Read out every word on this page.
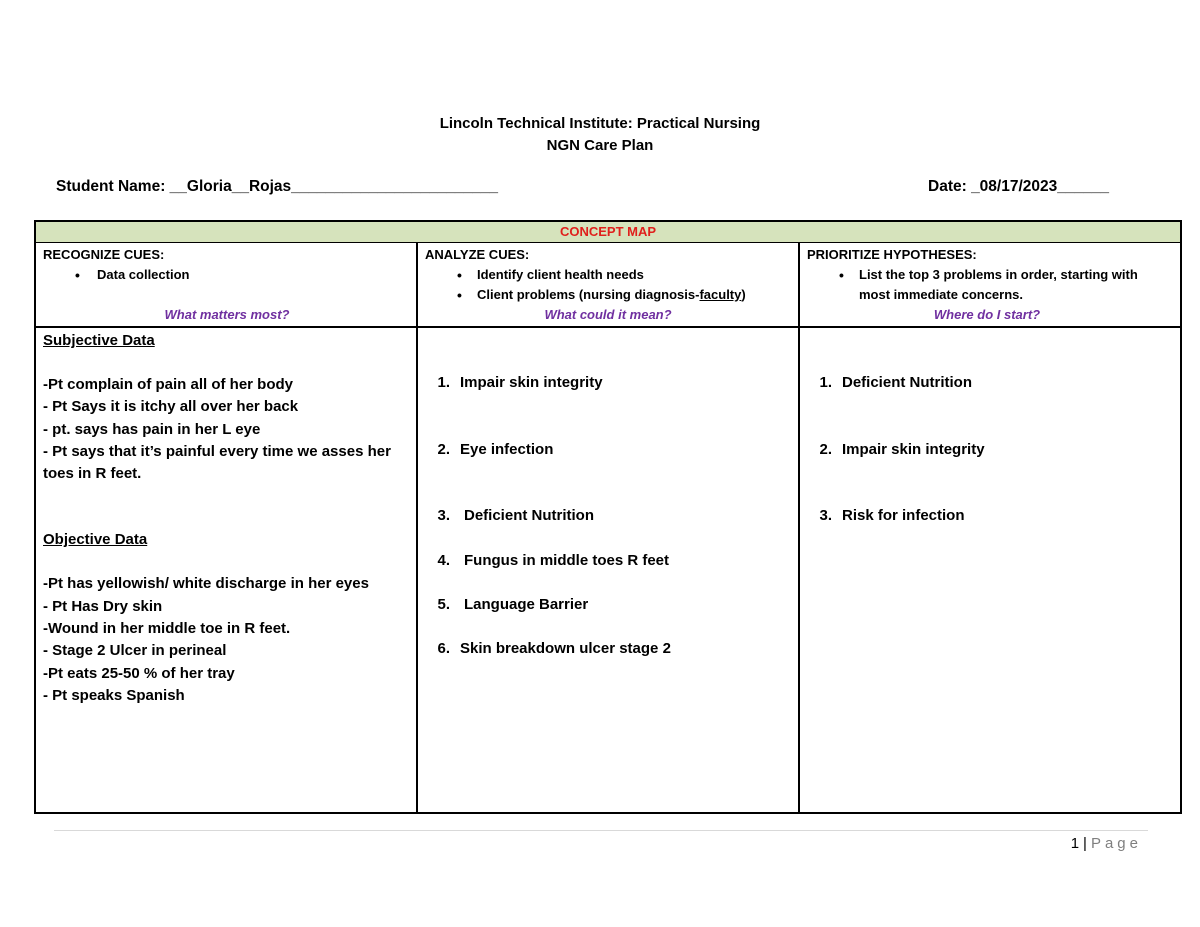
Lincoln Technical Institute: Practical Nursing
NGN Care Plan
Student Name: __Gloria__Rojas________________________	Date: _08/17/2023______
CONCEPT MAP
RECOGNIZE CUES:
• Data collection
What matters most?
ANALYZE CUES:
• Identify client health needs
• Client problems (nursing diagnosis-faculty)
What could it mean?
PRIORITIZE HYPOTHESES:
• List the top 3 problems in order, starting with most immediate concerns.
Where do I start?
Subjective Data

-Pt complain of pain all of her body

- Pt Says it is itchy all over her back

- pt. says has pain in her L eye

- Pt says that it’s painful every time we asses her toes in R feet.

Objective Data

-Pt has yellowish/ white discharge in her eyes

- Pt Has Dry skin

-Wound in her middle toe in R feet.

- Stage 2 Ulcer in perineal

-Pt eats 25-50 % of her tray

- Pt speaks Spanish

1. Impair skin integrity
2. Eye infection
3. Deficient Nutrition
4. Fungus in middle toes R feet
5. Language Barrier
6. Skin breakdown ulcer stage 2
1. Deficient Nutrition
2. Impair skin integrity
3. Risk for infection
1 | Page
